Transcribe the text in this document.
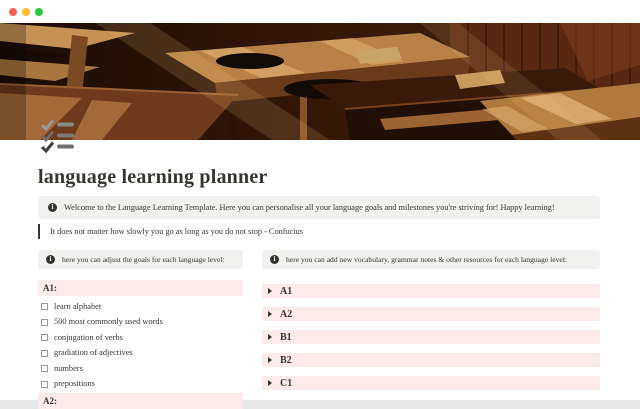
language learning planner
i	Welcome to the Language Learning Template. Here you can personalise all your language goals and milestones you're striving for! Happy learning!
It does not matter how slowly you go as long as you do not stop - Confucius
i	here you can adjust the goals for each language level:
A1:
learn alphabet
500 most commonly used words
conjugation of verbs
gradiation of adjectives
numbers
prepositions
A2:
i	here you can add new vocabulary, grammar notes & other resources for each language level:
A1
A2
B1
B2
C1
